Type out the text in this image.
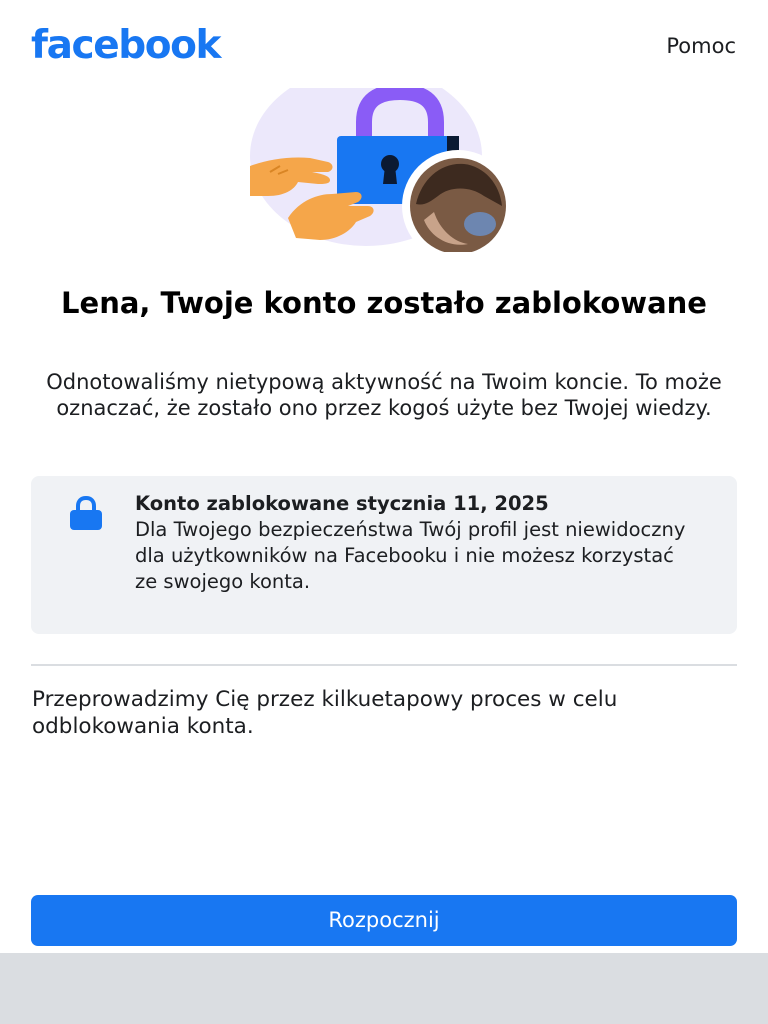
facebook	Pomoc
Lena, Twoje konto zostało zablokowane

Odnotowaliśmy nietypową aktywność na Twoim koncie. To może oznaczać, że zostało ono przez kogoś użyte bez Twojej wiedzy.

Konto zablokowane stycznia 11, 2025

Dla Twojego bezpieczeństwa Twój profil jest niewidoczny dla użytkowników na Facebooku i nie możesz korzystać ze swojego konta.

Przeprowadzimy Cię przez kilkuetapowy proces w celu odblokowania konta.

Rozpocznij
